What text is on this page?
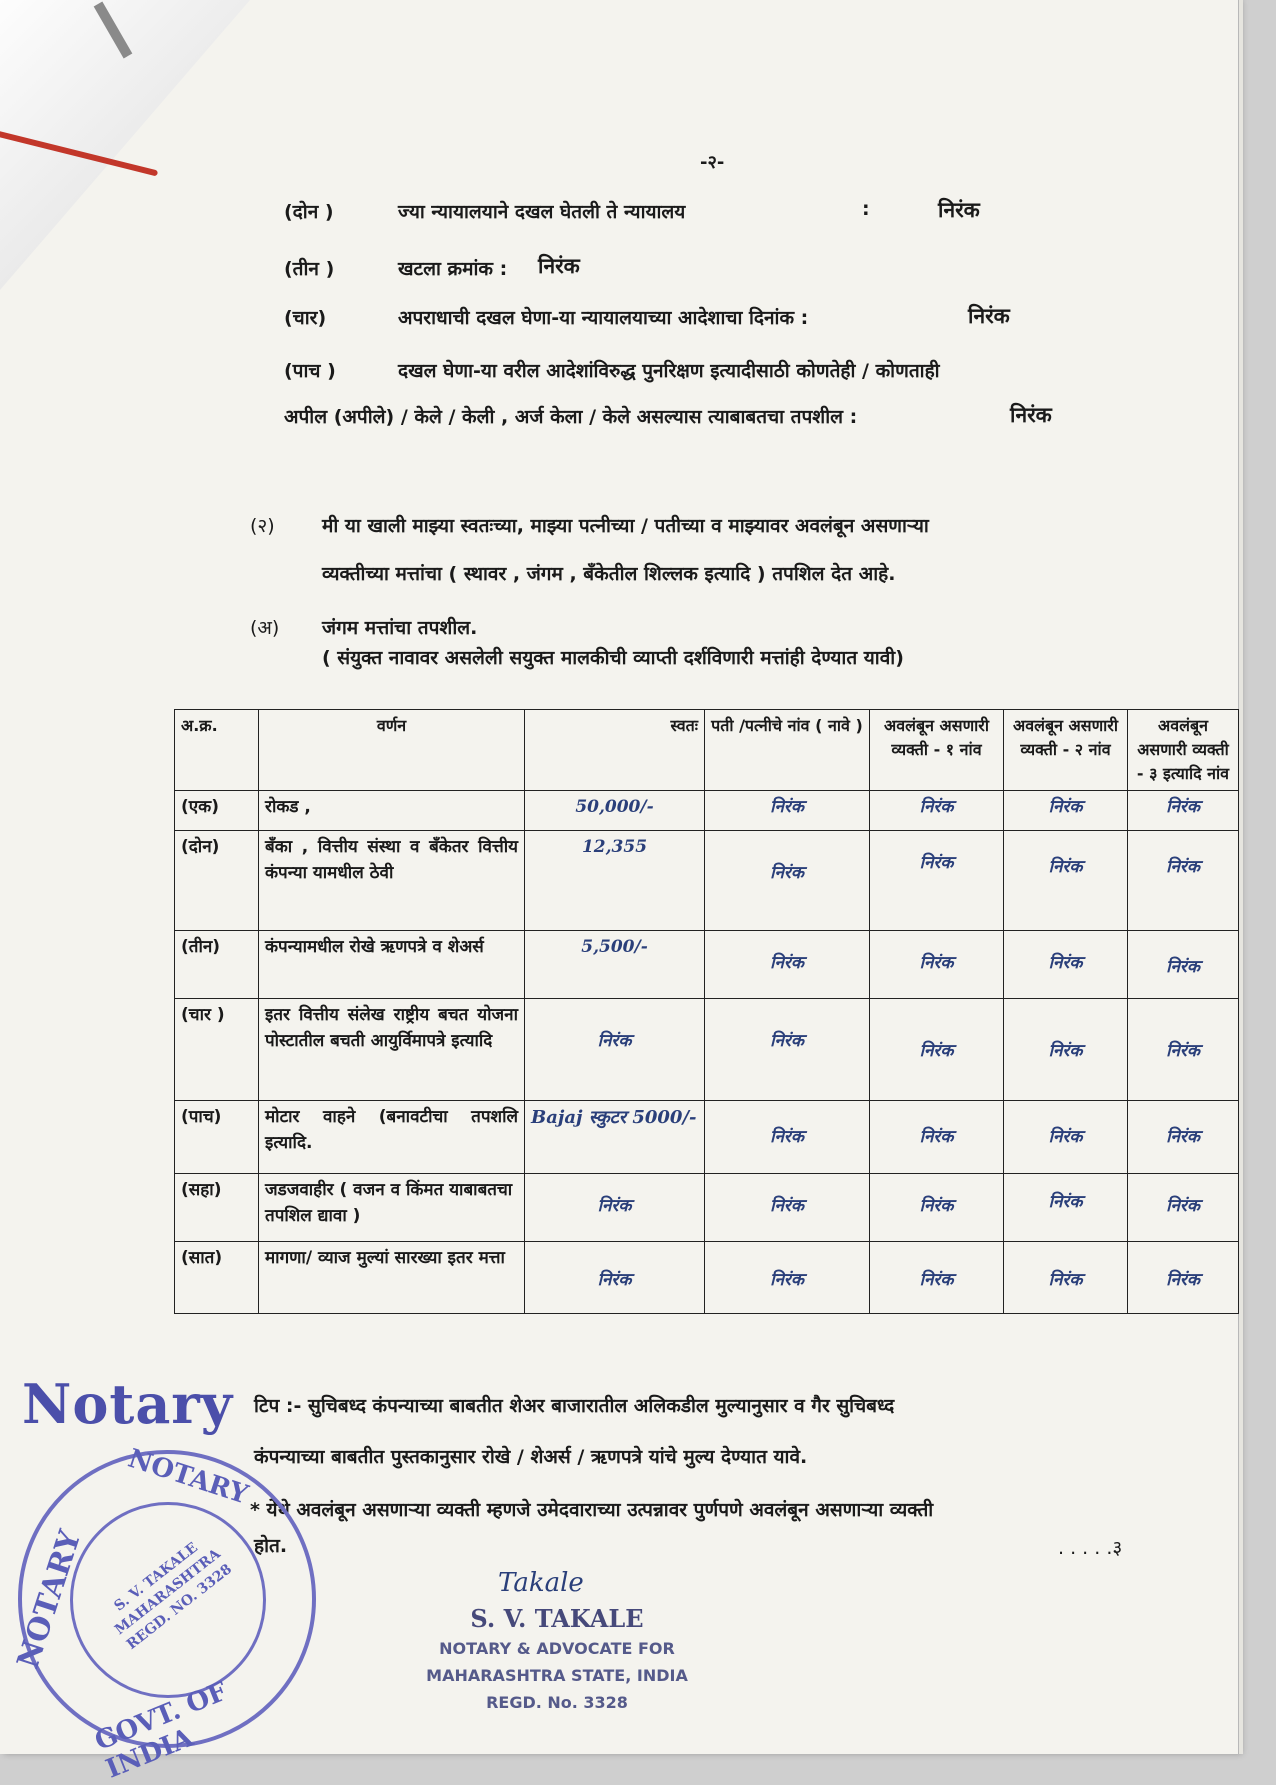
-२-
(दोन )	ज्या न्यायालयाने दखल घेतली ते न्यायालय	:	निरंक
(तीन )	खटला क्रमांक : निरंक
(चार)	अपराधाची दखल घेणा-या न्यायालयाच्या आदेशाचा दिनांक :	निरंक
(पाच )	दखल घेणा-या वरील आदेशांविरुद्ध पुनरिक्षण इत्यादीसाठी कोणतेही / कोणताही
अपील (अपीले) / केले / केली , अर्ज केला / केले असल्यास त्याबाबतचा तपशील :	निरंक
(२) मी या खाली माझ्या स्वतःच्या, माझ्या पत्नीच्या / पतीच्या व माझ्यावर अवलंबून असणाऱ्या
व्यक्तीच्या मत्तांचा ( स्थावर , जंगम , बँकेतील शिल्लक इत्यादि ) तपशिल देत आहे.
(अ) जंगम मत्तांचा तपशील.
( संयुक्त नावावर असलेली सयुक्त मालकीची व्याप्ती दर्शविणारी मत्तांही देण्यात यावी)
अ.क्र.	वर्णन	स्वतः	पती /पत्नीचे नांव ( नावे )	अवलंबून असणारी व्यक्ती - १ नांव	अवलंबून असणारी व्यक्ती - २ नांव	अवलंबून असणारी व्यक्ती - ३ इत्यादि नांव
(एक)	रोकड ,	50,000/-	निरंक	निरंक	निरंक	निरंक
(दोन)	बँका , वित्तीय संस्था व बँकेतर वित्तीय कंपन्या यामधील ठेवी	12,355	निरंक	निरंक	निरंक	निरंक
(तीन)	कंपन्यामधील रोखे ऋणपत्रे व शेअर्स	5,500/-	निरंक	निरंक	निरंक	निरंक
(चार )	इतर वित्तीय संलेख राष्ट्रीय बचत योजना पोस्टातील बचती आयुर्विमापत्रे इत्यादि	निरंक	निरंक	निरंक	निरंक	निरंक
(पाच)	मोटार वाहने (बनावटीचा तपशलि इत्यादि.	Bajaj स्कुटर 5000/-	निरंक	निरंक	निरंक	निरंक
(सहा)	जडजवाहीर ( वजन व किंमत याबाबतचा तपशिल द्यावा )	निरंक	निरंक	निरंक	निरंक	निरंक
(सात)	मागणा/ व्याज मुल्यां सारख्या इतर मत्ता	निरंक	निरंक	निरंक	निरंक	निरंक
टिप :- सुचिबध्द कंपन्याच्या बाबतीत शेअर बाजारातील अलिकडील मुल्यानुसार व गैर सुचिबध्द
कंपन्याच्या बाबतीत पुस्तकानुसार रोखे / शेअर्स / ऋणपत्रे यांचे मुल्य देण्यात यावे.
* येथे अवलंबून असणाऱ्या व्यक्ती म्हणजे उमेदवाराच्या उत्पन्नावर पुर्णपणे अवलंबून असणाऱ्या व्यक्ती
होत.	. . . . .३
Notary
NOTARY
NOTARY	S. V. TAKALE MAHARASHTRA REGD. NO. 3328
GOVT. OF INDIA
Takale
S. V. TAKALE
NOTARY & ADVOCATE FOR
MAHARASHTRA STATE, INDIA
REGD. No. 3328
